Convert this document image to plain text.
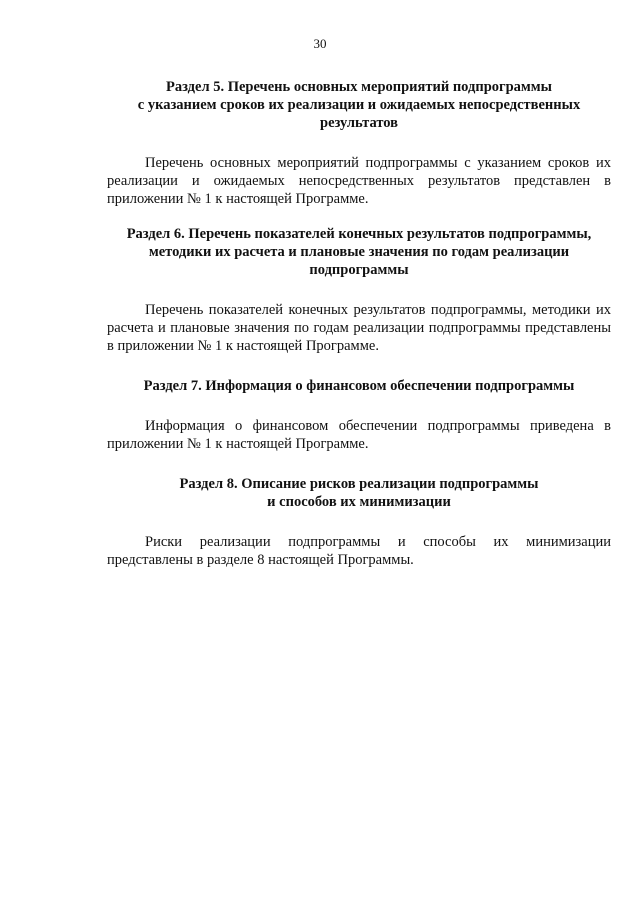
30
Раздел 5. Перечень основных мероприятий подпрограммы
с указанием сроков их реализации и ожидаемых непосредственных
результатов

Перечень основных мероприятий подпрограммы с указанием сроков их реализации и ожидаемых непосредственных результатов представлен в приложении № 1 к настоящей Программе.

Раздел 6. Перечень показателей конечных результатов подпрограммы,
методики их расчета и плановые значения по годам реализации
подпрограммы

Перечень показателей конечных результатов подпрограммы, методики их расчета и плановые значения по годам реализации подпрограммы представлены в приложении № 1 к настоящей Программе.

Раздел 7. Информация о финансовом обеспечении подпрограммы

Информация о финансовом обеспечении подпрограммы приведена в приложении № 1 к настоящей Программе.

Раздел 8. Описание рисков реализации подпрограммы
и способов их минимизации

Риски реализации подпрограммы и способы их минимизации представлены в разделе 8 настоящей Программы.
